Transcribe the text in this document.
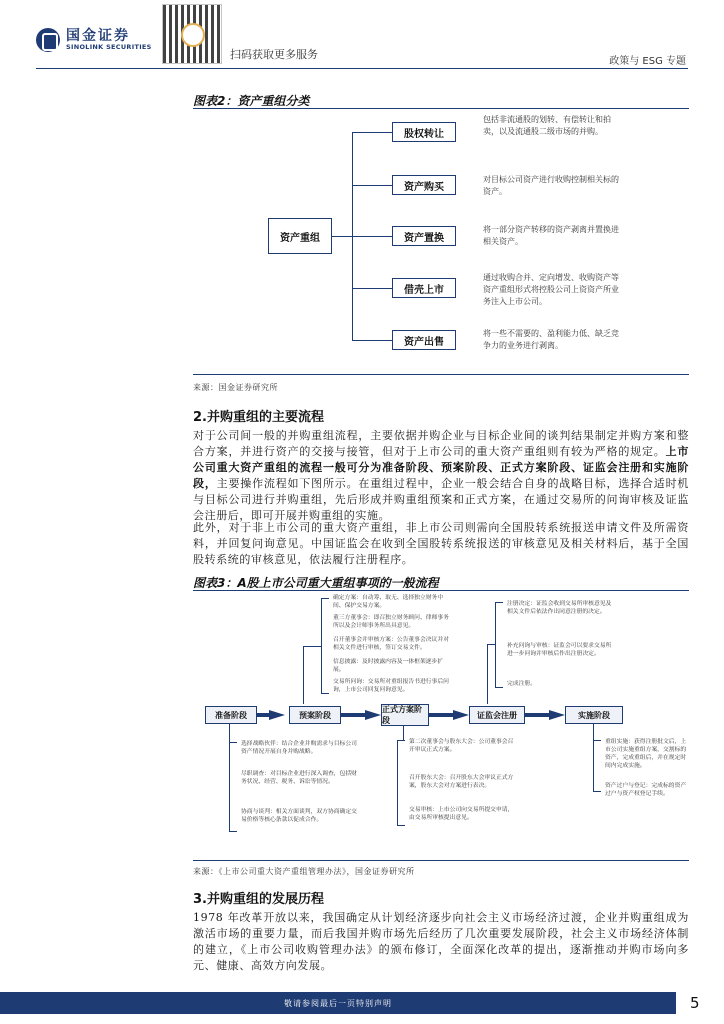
国金证券
SINOLINK SECURITIES
扫码获取更多服务
政策与 ESG 专题
图表2：资产重组分类
资产重组
股权转让
包括非流通股的划转、有偿转让和拍卖，以及流通股二级市场的并购。
资产购买
对目标公司资产进行收购控制相关标的资产。
资产置换
将一部分资产转移的资产剥离并置换进相关资产。
借壳上市
通过收购合并、定向增发、收购资产等资产重组形式将控股公司上资资产所业务注入上市公司。
资产出售
将一些不需要的、盈利能力低、缺乏竞争力的业务进行剥离。
来源：国金证券研究所
2.并购重组的主要流程
对于公司间一般的并购重组流程，主要依据并购企业与目标企业间的谈判结果制定并购方案和整合方案，并进行资产的交接与接管，但对于上市公司的重大资产重组则有较为严格的规定。上市公司重大资产重组的流程一般可分为准备阶段、预案阶段、正式方案阶段、证监会注册和实施阶段，主要操作流程如下图所示。在重组过程中，企业一般会结合自身的战略目标，选择合适时机与目标公司进行并购重组，先后形成并购重组预案和正式方案，在通过交易所的问询审核及证监会注册后，即可开展并购重组的实施。
此外，对于非上市公司的重大资产重组，非上市公司则需向全国股转系统报送申请文件及所需资料，并回复问询意见。中国证监会在收到全国股转系统报送的审核意见及相关材料后，基于全国股转系统的审核意见，依法履行注册程序。
图表3：A股上市公司重大重组事项的一般流程
确定方案：自动筹、取无、选择独立财务中间、保护交易方案。
董三方董事会：即召独立财务顾问、律师事务所以及会计师事务所出具意见。
召开董事会并审核方案：公告董事会决议并对相关文件进行审核，签订交易文件。
信息披露：及时披露内容及一体框架逐步扩展。
交易所问询：交易所对重组报告书进行事后问询，上市公司回复问询意见。
注册决定：证监会收到交易所审核意见及相关文件后依法作出同意注册的决定。
补充问询与审核：证监会可以要求交易所进一步问询并审核后作出注册决定。
完成注册。
准备阶段	预案阶段
正式方案阶段
证监会注册	实施阶段
选择战略伙伴：结合企业并购需求与目标公司资产情况开展自身并购战略。
尽职调查：对目标企业进行深入调查，包括财务状况、经营、税务、诉讼等情况。
协商与谈判：相关方面谈判，双方协商确定交易价格等核心条款以促成合作。
第二次董事会与股东大会：公司董事会召开审议正式方案。
召开股东大会：召开股东大会审议正式方案，股东大会对方案进行表决。
交易审核：上市公司向交易所提交申请，由交易所审核提出意见。
重组实施：获得注册批文后，上市公司实施重组方案，交割标的资产，完成重组后，并在规定时间内完成实施。
资产过户与登记：完成标的资产过户与资产权登记手续。
来源：《上市公司重大资产重组管理办法》，国金证券研究所
3.并购重组的发展历程
1978 年改革开放以来，我国确定从计划经济逐步向社会主义市场经济过渡，企业并购重组成为激活市场的重要力量，而后我国并购市场先后经历了几次重要发展阶段，社会主义市场经济体制的建立，《上市公司收购管理办法》的颁布修订，全面深化改革的提出，逐渐推动并购市场向多元、健康、高效方向发展。
敬请参阅最后一页特别声明	5
